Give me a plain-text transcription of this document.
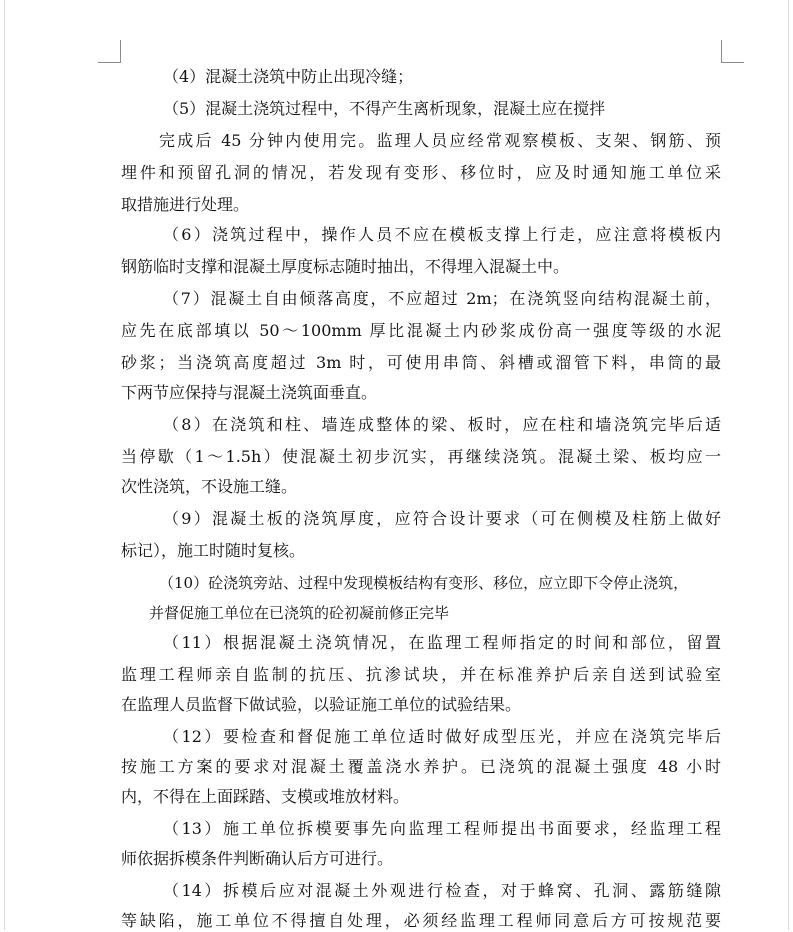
（4）混凝土浇筑中防止出现冷缝；
（5）混凝土浇筑过程中，不得产生离析现象，混凝土应在搅拌
完成后 45 分钟内使用完。监理人员应经常观察模板、支架、钢筋、预
埋件和预留孔洞的情况，若发现有变形、移位时，应及时通知施工单位采
取措施进行处理。
（6）浇筑过程中，操作人员不应在模板支撑上行走，应注意将模板内
钢筋临时支撑和混凝土厚度标志随时抽出，不得埋入混凝土中。
（7）混凝土自由倾落高度，不应超过 2m；在浇筑竖向结构混凝土前，
应先在底部填以 50～100mm 厚比混凝土内砂浆成份高一强度等级的水泥
砂浆；当浇筑高度超过 3m 时，可使用串筒、斜槽或溜管下料，串筒的最
下两节应保持与混凝土浇筑面垂直。
（8）在浇筑和柱、墙连成整体的梁、板时，应在柱和墙浇筑完毕后适
当停歇（1～1.5h）使混凝土初步沉实，再继续浇筑。混凝土梁、板均应一
次性浇筑，不设施工缝。
（9）混凝土板的浇筑厚度，应符合设计要求（可在侧模及柱筋上做好
标记），施工时随时复核。
（10）砼浇筑旁站、过程中发现模板结构有变形、移位，应立即下令停止浇筑，
并督促施工单位在已浇筑的砼初凝前修正完毕
（11）根据混凝土浇筑情况，在监理工程师指定的时间和部位，留置
监理工程师亲自监制的抗压、抗渗试块，并在标准养护后亲自送到试验室
在监理人员监督下做试验，以验证施工单位的试验结果。
（12）要检查和督促施工单位适时做好成型压光，并应在浇筑完毕后
按施工方案的要求对混凝土覆盖浇水养护。已浇筑的混凝土强度 48 小时
内，不得在上面踩踏、支模或堆放材料。
（13）施工单位拆模要事先向监理工程师提出书面要求，经监理工程
师依据拆模条件判断确认后方可进行。
（14）拆模后应对混凝土外观进行检查，对于蜂窝、孔洞、露筋缝隙
等缺陷，施工单位不得擅自处理，必须经监理工程师同意后方可按规范要
